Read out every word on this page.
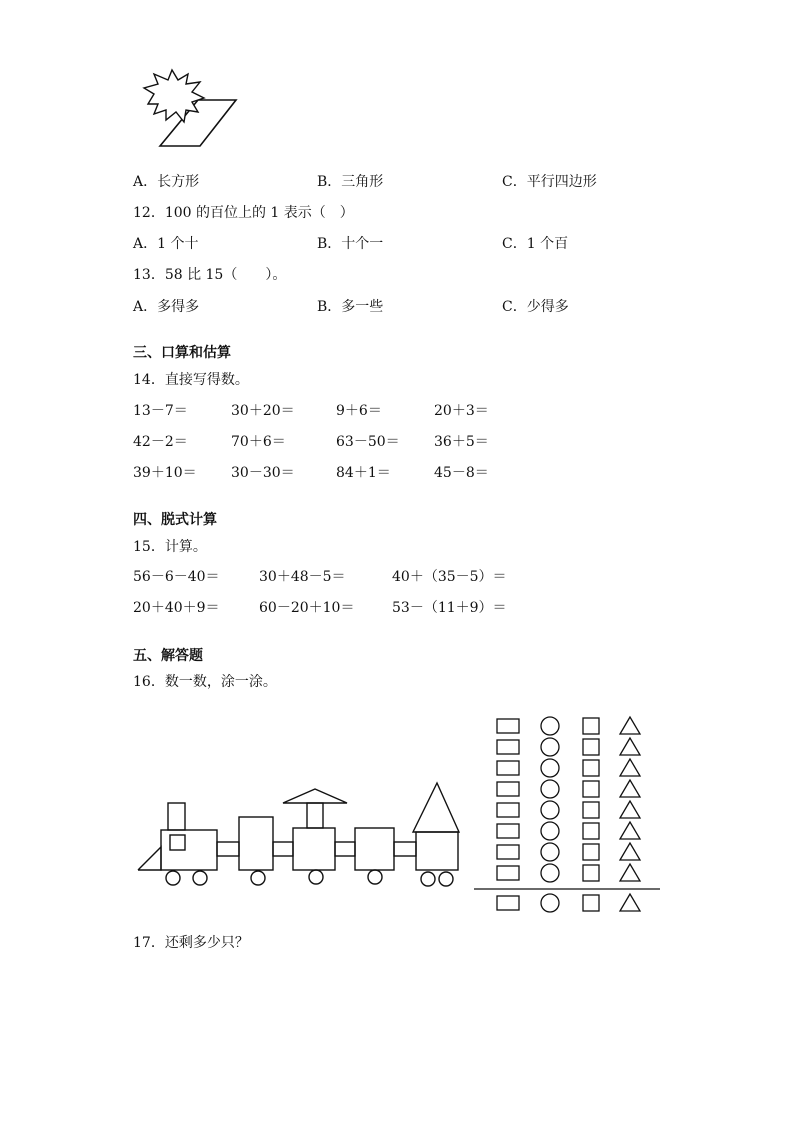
A．长方形	B．三角形	C．平行四边形
12．100 的百位上的 1 表示（　）
A．1 个十	B．十个一	C．1 个百
13．58 比 15（　　）。
A．多得多	B．多一些	C．少得多
三、口算和估算
14．直接写得数。
13－7＝	30＋20＝	9＋6＝	20＋3＝
42－2＝	70＋6＝	63－50＝ 36＋5＝
39＋10＝ 30－30＝	84＋1＝	45－8＝
四、脱式计算
15．计算。
56－6－40＝	30＋48－5＝	40＋（35－5）＝
20＋40＋9＝	60－20＋10＝	53－（11＋9）＝
五、解答题
16．数一数，涂一涂。
17．还剩多少只？
